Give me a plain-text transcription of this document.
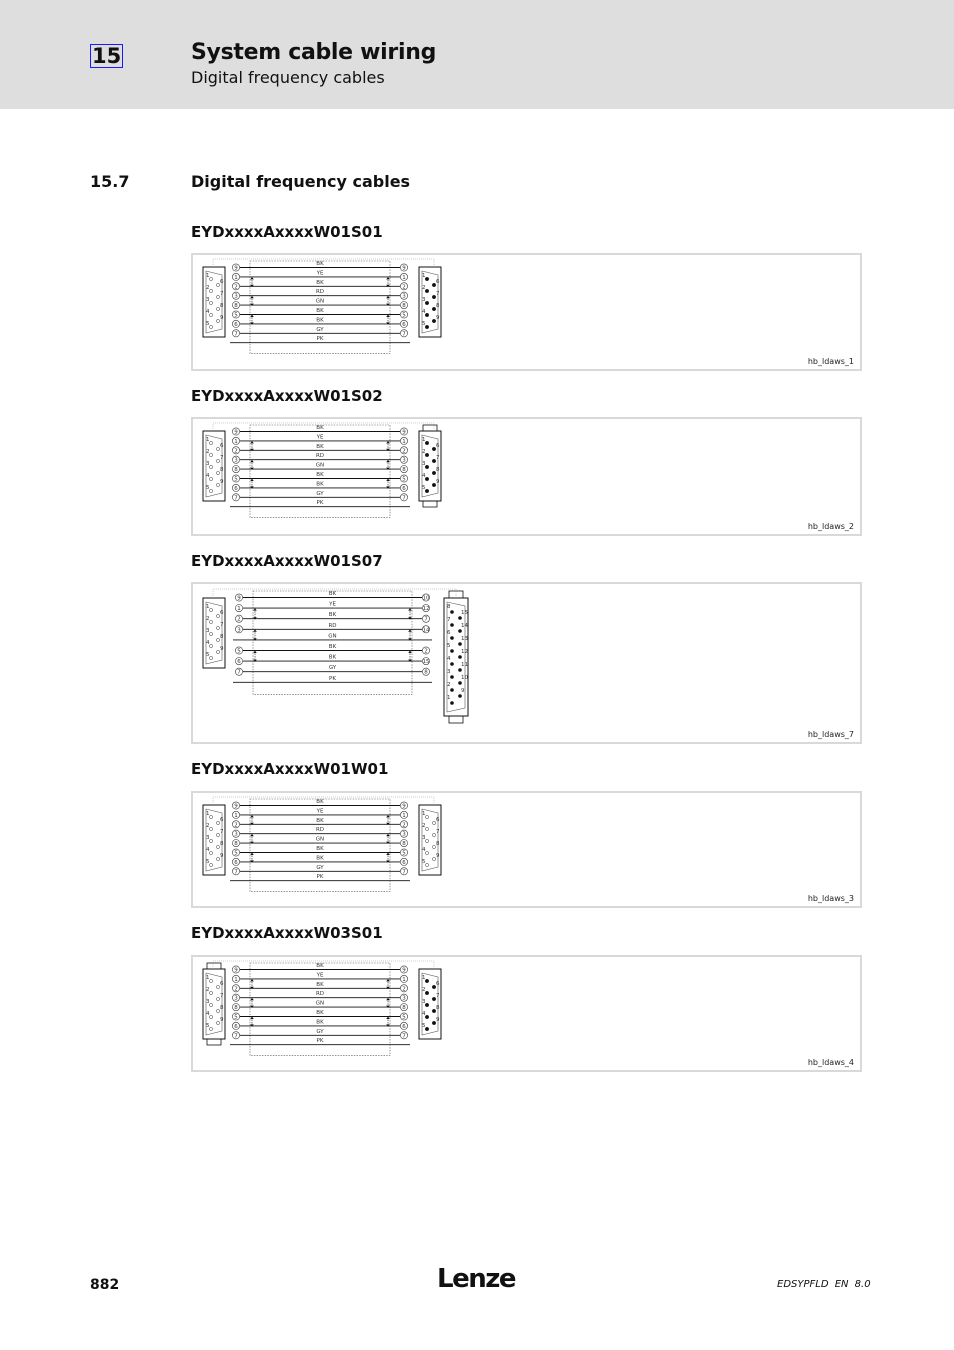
15	System cable wiring
Digital frequency cables
15.7	Digital frequency cables
EYDxxxxAxxxxW01S01
1
2
3
4
5
6
7
8
9
1
2
3
4
5
6
7
8
9
BK
9	9
YE
1	1
BK
2	2
RD
3	3
GN
8	8
BK
5	5
BK
6	6
GY
7	7
PK
hb_ldaws_1
EYDxxxxAxxxxW01S02
1
2
3
4
5
6
7
8
9
1
2
3
4
5
6
7
8
9
BK
9	9
YE
1	1
BK
2	2
RD
3	3
GN
8	8
BK
5	5
BK
6	6
GY
7	7
PK
hb_ldaws_2
EYDxxxxAxxxxW01S07
1
2
3
4
5
6
7
8
9
8
7
6
5
4
3
2
1
15
14
13
12
11
10
9
BK
9	10
YE
1	12
BK
2	7
RD
3	14
GN
BK
5	2
BK
6	15
GY
7	8
PK
hb_ldaws_7
EYDxxxxAxxxxW01W01
1
2
3
4
5
6
7
8
9
1
2
3
4
5
6
7
8
9
BK
9	9
YE
1	1
BK
2	2
RD
3	3
GN
8	8
BK
5	5
BK
6	6
GY
7	7
PK
hb_ldaws_3
EYDxxxxAxxxxW03S01
1
2
3
4
5
6
7
8
9
1
2
3
4
5
6
7
8
9
BK
9	9
YE
1	1
BK
2	2
RD
3	3
GN
8	8
BK
5	5
BK
6	6
GY
7	7
PK
hb_ldaws_4
882	Lenze	EDSYPFLD EN 8.0
